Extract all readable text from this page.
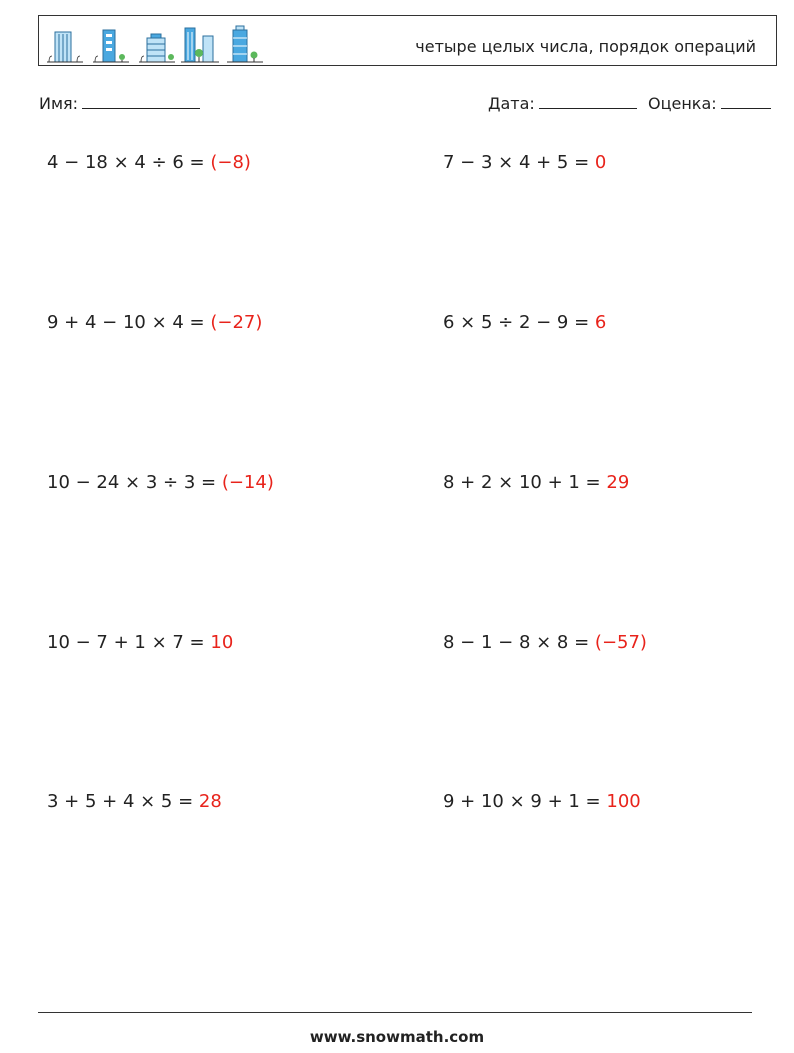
четыре целых числа, порядок операций
Имя:	Дата:	Оценка:
4 − 18 × 4 ÷ 6 = (−8)	7 − 3 × 4 + 5 = 0
9 + 4 − 10 × 4 = (−27)	6 × 5 ÷ 2 − 9 = 6
10 − 24 × 3 ÷ 3 = (−14)	8 + 2 × 10 + 1 = 29
10 − 7 + 1 × 7 = 10	8 − 1 − 8 × 8 = (−57)
3 + 5 + 4 × 5 = 28	9 + 10 × 9 + 1 = 100
www.snowmath.com
